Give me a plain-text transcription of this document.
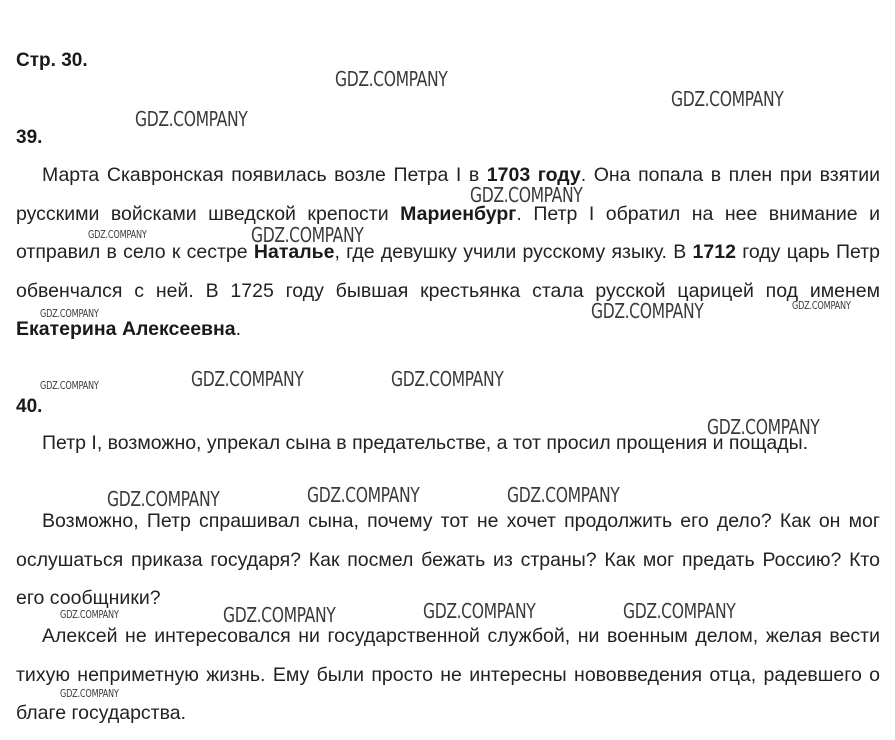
Стр. 30.

39.

Марта Скавронская появилась возле Петра I в 1703 году. Она попала в плен при взятии русскими войсками шведской крепости Мариенбург. Петр I обратил на нее внимание и отправил в село к сестре Наталье, где девушку учили русскому языку. В 1712 году царь Петр обвенчался с ней. В 1725 году бывшая крестьянка стала русской царицей под именем Екатерина Алексеевна.

40.

Петр I, возможно, упрекал сына в предательстве, а тот просил прощения и пощады.

Возможно, Петр спрашивал сына, почему тот не хочет продолжить его дело? Как он мог ослушаться приказа государя? Как посмел бежать из страны? Как мог предать Россию? Кто его сообщники?

Алексей не интересовался ни государственной службой, ни военным делом, желая вести тихую неприметную жизнь. Ему были просто не интересны нововведения отца, радевшего о благе государства.

GDZ.COMPANY
GDZ.COMPANY
GDZ.COMPANY
GDZ.COMPANY
GDZ.COMPANY	GDZ.COMPANY
GDZ.COMPANY
GDZ.COMPANY
GDZ.COMPANY
GDZ.COMPANY	GDZ.COMPANY
GDZ.COMPANY
GDZ.COMPANY
GDZ.COMPANY	GDZ.COMPANY	GDZ.COMPANY
GDZ.COMPANY	GDZ.COMPANY	GDZ.COMPANY	GDZ.COMPANY
GDZ.COMPANY
